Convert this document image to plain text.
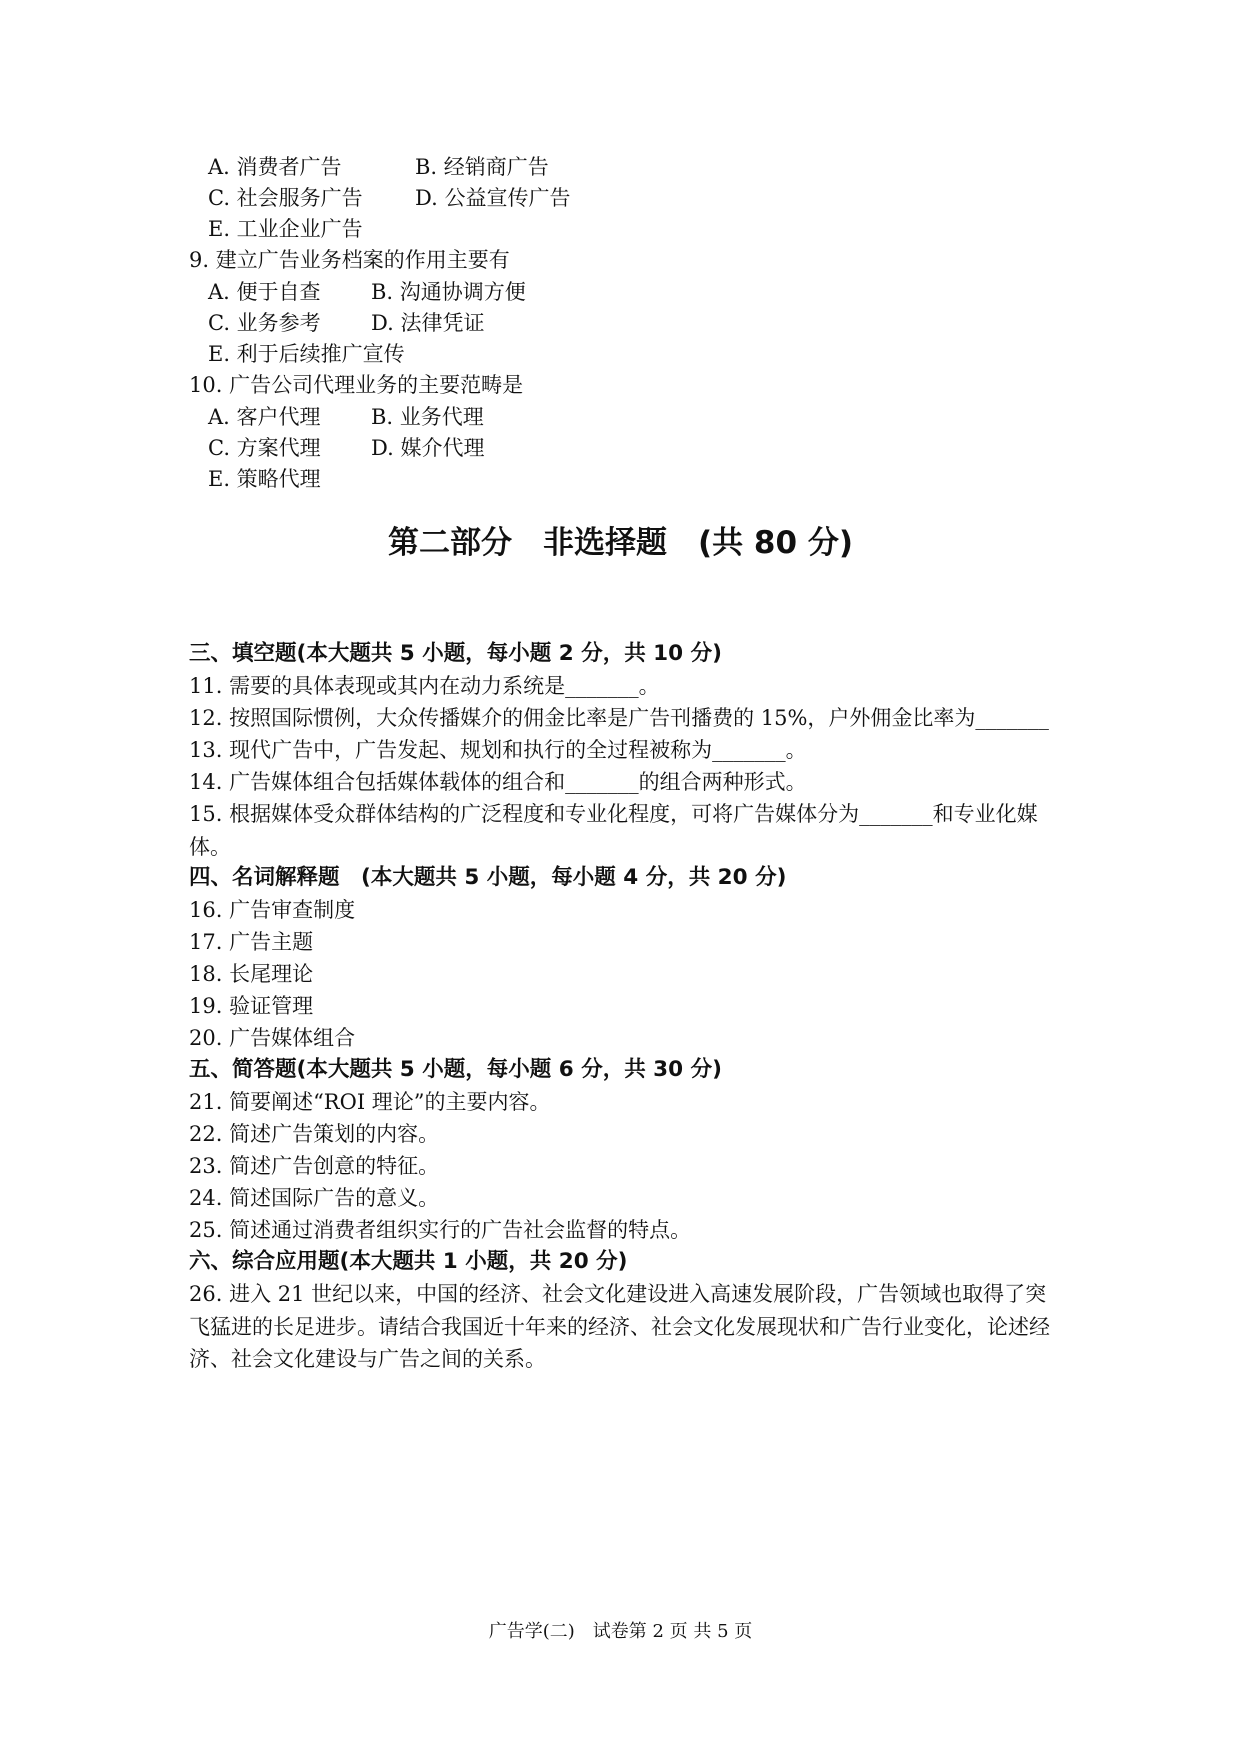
A. 消费者广告	B. 经销商广告
C. 社会服务广告 D. 公益宣传广告
E. 工业企业广告
9. 建立广告业务档案的作用主要有
A. 便于自查 B. 沟通协调方便
C. 业务参考 D. 法律凭证
E. 利于后续推广宣传
10. 广告公司代理业务的主要范畴是
A. 客户代理 B. 业务代理
C. 方案代理 D. 媒介代理
E. 策略代理
第二部分　非选择题　(共 80 分)
三、填空题(本大题共 5 小题，每小题 2 分，共 10 分)
11. 需要的具体表现或其内在动力系统是_______。
12. 按照国际惯例，大众传播媒介的佣金比率是广告刊播费的 15%，户外佣金比率为_______
13. 现代广告中，广告发起、规划和执行的全过程被称为_______。
14. 广告媒体组合包括媒体载体的组合和_______的组合两种形式。
15. 根据媒体受众群体结构的广泛程度和专业化程度，可将广告媒体分为_______和专业化媒体。
四、名词解释题　(本大题共 5 小题，每小题 4 分，共 20 分)
16. 广告审查制度
17. 广告主题
18. 长尾理论
19. 验证管理
20. 广告媒体组合
五、简答题(本大题共 5 小题，每小题 6 分，共 30 分)
21. 简要阐述“ROI 理论”的主要内容。
22. 简述广告策划的内容。
23. 简述广告创意的特征。
24. 简述国际广告的意义。
25. 简述通过消费者组织实行的广告社会监督的特点。
六、综合应用题(本大题共 1 小题，共 20 分)
26. 进入 21 世纪以来，中国的经济、社会文化建设进入高速发展阶段，广告领域也取得了突飞猛进的长足进步。请结合我国近十年来的经济、社会文化发展现状和广告行业变化，论述经济、社会文化建设与广告之间的关系。
广告学(二)　试卷第 2 页 共 5 页
